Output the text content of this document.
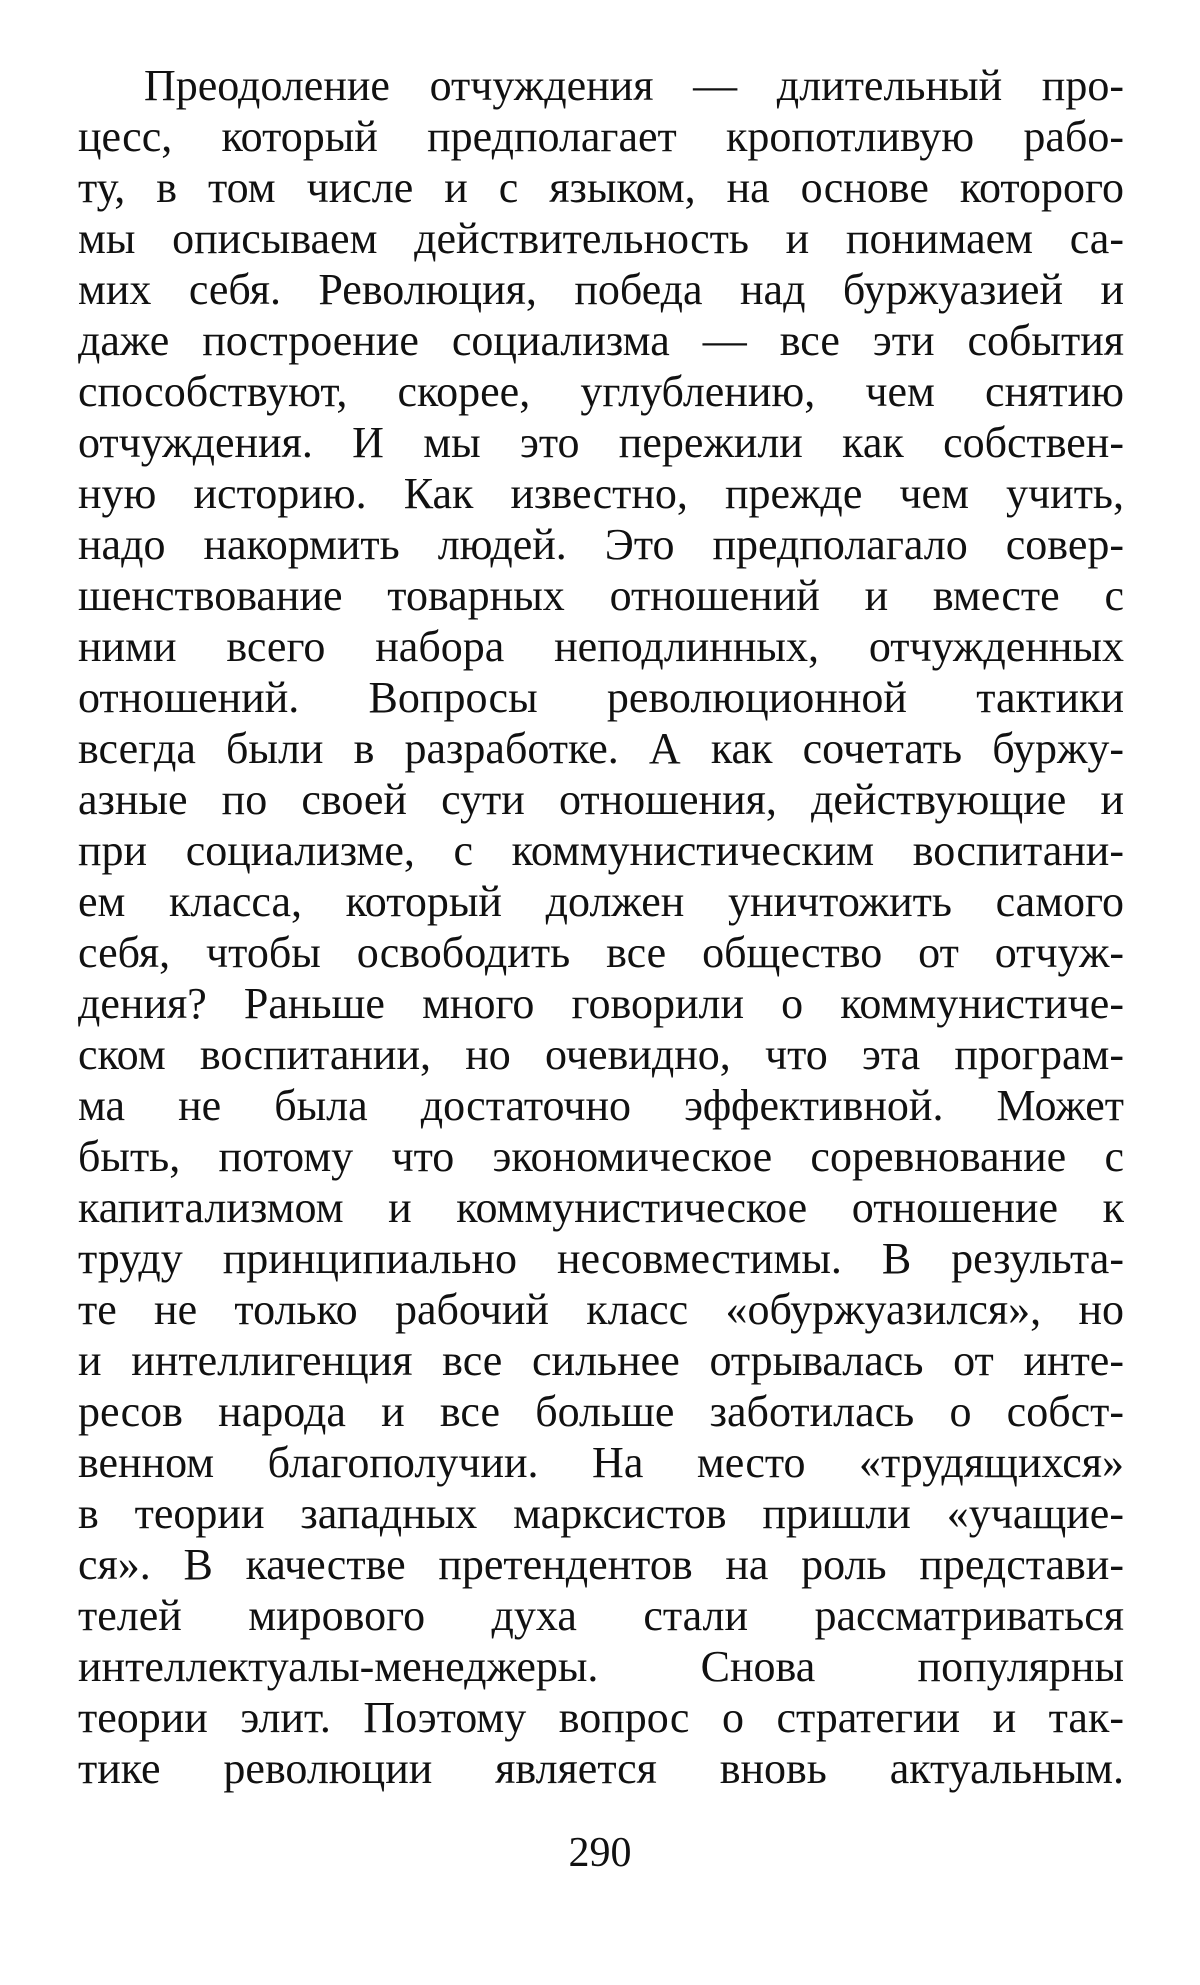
Преодоление отчуждения — длительный про-
цесс, который предполагает кропотливую рабо-
ту, в том числе и с языком, на основе которого
мы описываем действительность и понимаем са-
мих себя. Революция, победа над буржуазией и
даже построение социализма — все эти события
способствуют, скорее, углублению, чем снятию
отчуждения. И мы это пережили как собствен-
ную историю. Как известно, прежде чем учить,
надо накормить людей. Это предполагало совер-
шенствование товарных отношений и вместе с
ними всего набора неподлинных, отчужденных
отношений. Вопросы революционной тактики
всегда были в разработке. А как сочетать буржу-
азные по своей сути отношения, действующие и
при социализме, с коммунистическим воспитани-
ем класса, который должен уничтожить самого
себя, чтобы освободить все общество от отчуж-
дения? Раньше много говорили о коммунистиче-
ском воспитании, но очевидно, что эта програм-
ма не была достаточно эффективной. Может
быть, потому что экономическое соревнование с
капитализмом и коммунистическое отношение к
труду принципиально несовместимы. В результа-
те не только рабочий класс «обуржуазился», но
и интеллигенция все сильнее отрывалась от инте-
ресов народа и все больше заботилась о собст-
венном благополучии. На место «трудящихся»
в теории западных марксистов пришли «учащие-
ся». В качестве претендентов на роль представи-
телей мирового духа стали рассматриваться
интеллектуалы-менеджеры. Снова популярны
теории элит. Поэтому вопрос о стратегии и так-
тике революции является вновь актуальным.
290
